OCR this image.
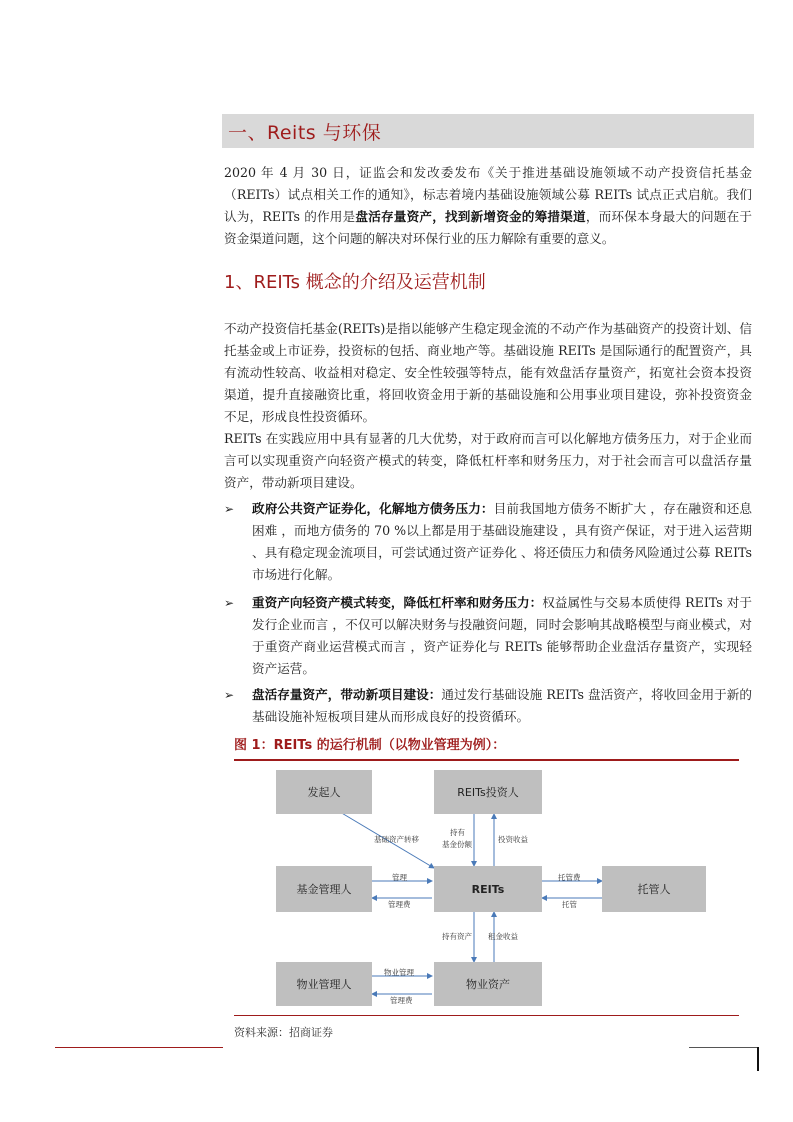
一、Reits 与环保
2020 年 4 月 30 日，证监会和发改委发布《关于推进基础设施领域不动产投资信托基金（REITs）试点相关工作的通知》，标志着境内基础设施领域公募 REITs 试点正式启航。我们认为，REITs 的作用是盘活存量资产，找到新增资金的筹措渠道，而环保本身最大的问题在于资金渠道问题，这个问题的解决对环保行业的压力解除有重要的意义。
1、REITs 概念的介绍及运营机制
不动产投资信托基金(REITs)是指以能够产生稳定现金流的不动产作为基础资产的投资计划、信托基金或上市证券，投资标的包括、商业地产等。基础设施 REITs 是国际通行的配置资产，具有流动性较高、收益相对稳定、安全性较强等特点，能有效盘活存量资产，拓宽社会资本投资渠道，提升直接融资比重，将回收资金用于新的基础设施和公用事业项目建设，弥补投资资金不足，形成良性投资循环。
REITs 在实践应用中具有显著的几大优势，对于政府而言可以化解地方债务压力，对于企业而言可以实现重资产向轻资产模式的转变，降低杠杆率和财务压力，对于社会而言可以盘活存量资产，带动新项目建设。
➢	政府公共资产证券化，化解地方债务压力：目前我国地方债务不断扩大 ，存在融资和还息困难 ，而地方债务的 70 %以上都是用于基础设施建设 ，具有资产保证，对于进入运营期 、具有稳定现金流项目，可尝试通过资产证券化 、将还债压力和债务风险通过公募 REITs 市场进行化解。
➢	重资产向轻资产模式转变，降低杠杆率和财务压力：权益属性与交易本质使得 REITs 对于发行企业而言 ，不仅可以解决财务与投融资问题，同时会影响其战略模型与商业模式，对于重资产商业运营模式而言 ，资产证券化与 REITs 能够帮助企业盘活存量资产，实现轻资产运营。
➢	盘活存量资产，带动新项目建设：通过发行基础设施 REITs 盘活资产，将收回金用于新的基础设施补短板项目建从而形成良好的投资循环。
图 1：REITs 的运行机制（以物业管理为例）：
发起人	REITs投资人
基金管理人	REITs	托管人
物业管理人	物业资产
基础资产转移
持有
基金份额
投资收益
管理
管理费
托管费
托管
持有资产 租金收益
物业管理
管理费
资料来源：招商证券
